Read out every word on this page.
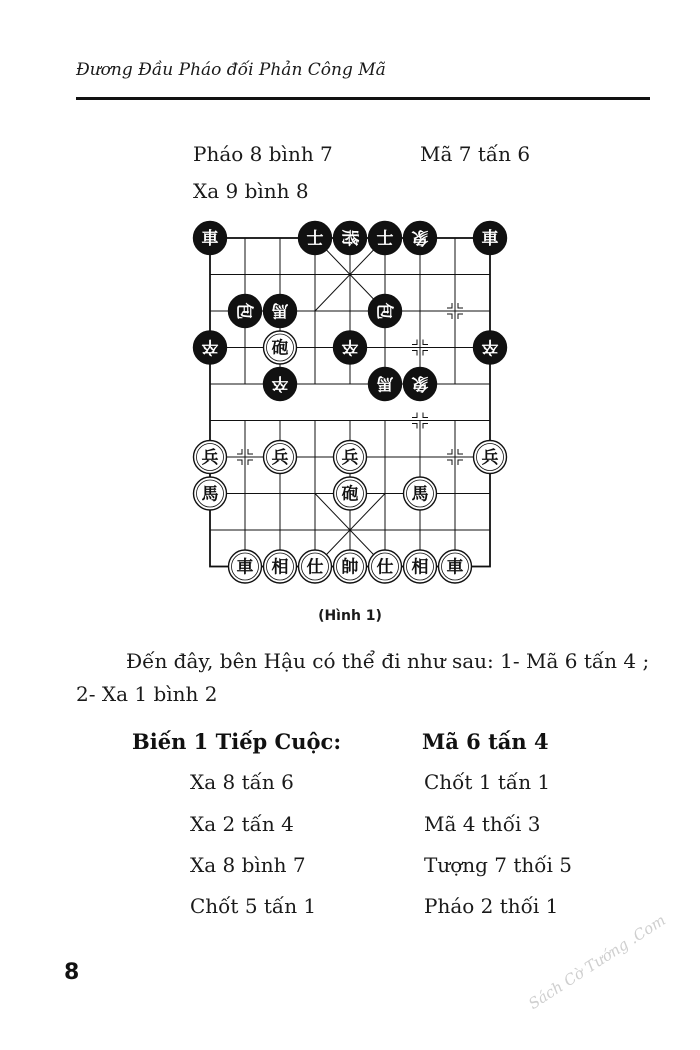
Đương Đầu Pháo đối Phản Công Mã
Pháo 8 bình 7	Mã 7 tấn 6
Xa 9 bình 8
車	士 將 士 象	車
包 馬	包
卒	砲	卒	卒
卒	馬 象
兵	兵	兵	兵
馬	砲	馬
車 相 仕 帥 仕 相 車
(Hình 1)
Đến đây, bên Hậu có thể đi như sau: 1- Mã 6 tấn 4 ; 2- Xa 1 bình 2
Biến 1 Tiếp Cuộc:	Mã 6 tấn 4
Xa 8 tấn 6	Chốt 1 tấn 1
Xa 2 tấn 4	Mã 4 thối 3
Xa 8 bình 7	Tượng 7 thối 5
Chốt 5 tấn 1	Pháo 2 thối 1
8	Sách Cờ Tướng .Com
